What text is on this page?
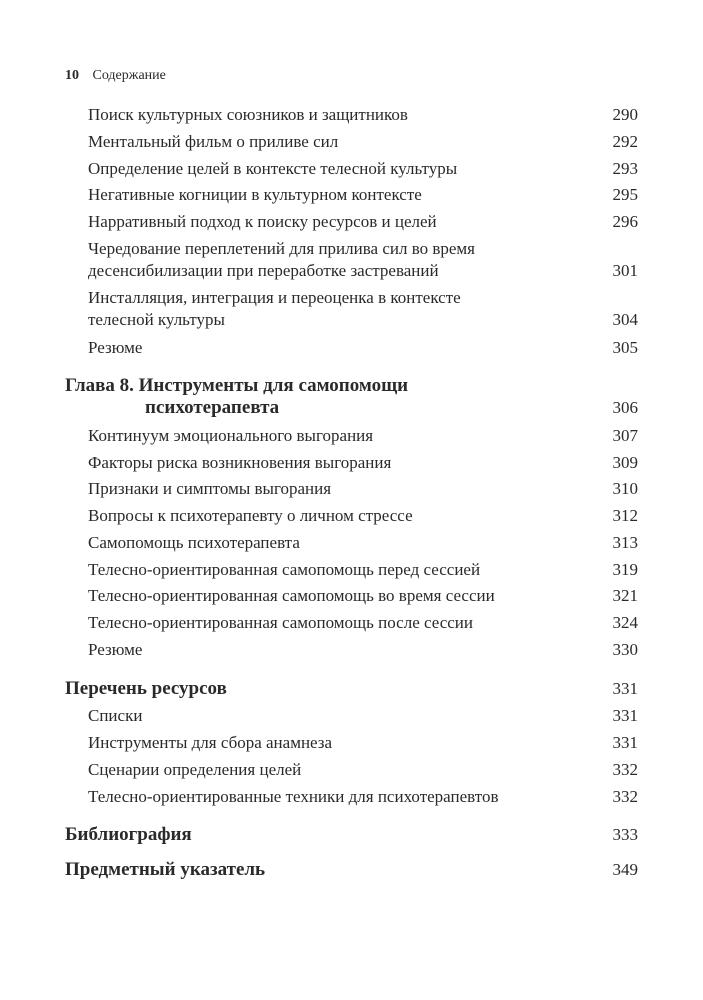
10 Содержание
Поиск культурных союзников и защитников	290
Ментальный фильм о приливе сил	292
Определение целей в контексте телесной культуры	293
Негативные когниции в культурном контексте	295
Нарративный подход к поиску ресурсов и целей	296
Чередование переплетений для прилива сил во время
десенсибилизации при переработке застреваний	301
Инсталляция, интеграция и переоценка в контексте
телесной культуры	304
Резюме	305
Глава 8. Инструменты для самопомощи
психотерапевта	306
Континуум эмоционального выгорания	307
Факторы риска возникновения выгорания	309
Признаки и симптомы выгорания	310
Вопросы к психотерапевту о личном стрессе	312
Самопомощь психотерапевта	313
Телесно-ориентированная самопомощь перед сессией	319
Телесно-ориентированная самопомощь во время сессии	321
Телесно-ориентированная самопомощь после сессии	324
Резюме	330
Перечень ресурсов	331
Списки	331
Инструменты для сбора анамнеза	331
Сценарии определения целей	332
Телесно-ориентированные техники для психотерапевтов	332
Библиография	333
Предметный указатель	349
